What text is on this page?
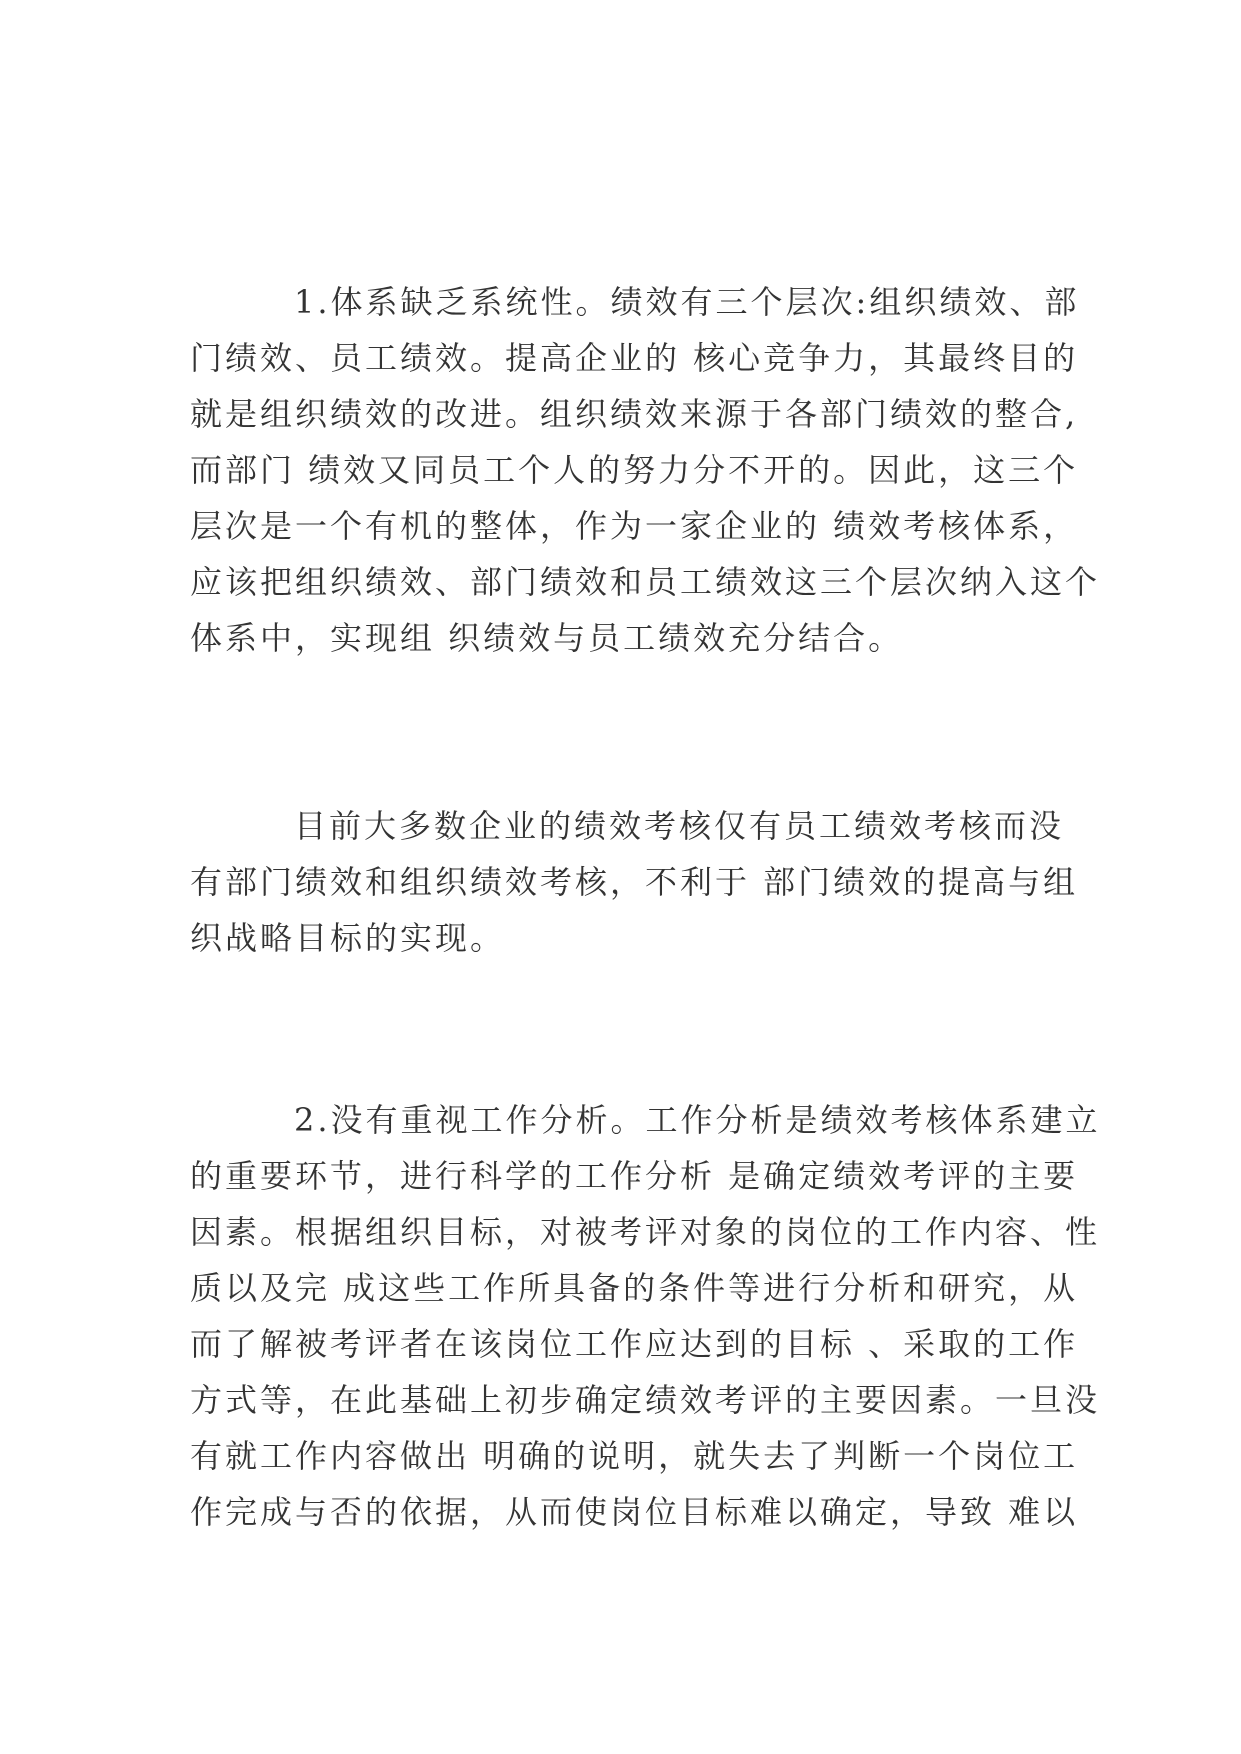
1.体系缺乏系统性。绩效有三个层次:组织绩效、部
门绩效、员工绩效。提高企业的 核心竞争力，其最终目的
就是组织绩效的改进。组织绩效来源于各部门绩效的整合,
而部门 绩效又同员工个人的努力分不开的。因此，这三个
层次是一个有机的整体，作为一家企业的 绩效考核体系，
应该把组织绩效、部门绩效和员工绩效这三个层次纳入这个
体系中，实现组 织绩效与员工绩效充分结合。
目前大多数企业的绩效考核仅有员工绩效考核而没
有部门绩效和组织绩效考核，不利于 部门绩效的提高与组
织战略目标的实现。
2.没有重视工作分析。工作分析是绩效考核体系建立
的重要环节，进行科学的工作分析 是确定绩效考评的主要
因素。根据组织目标，对被考评对象的岗位的工作内容、性
质以及完 成这些工作所具备的条件等进行分析和研究，从
而了解被考评者在该岗位工作应达到的目标 、采取的工作
方式等，在此基础上初步确定绩效考评的主要因素。一旦没
有就工作内容做出 明确的说明，就失去了判断一个岗位工
作完成与否的依据，从而使岗位目标难以确定，导致 难以
